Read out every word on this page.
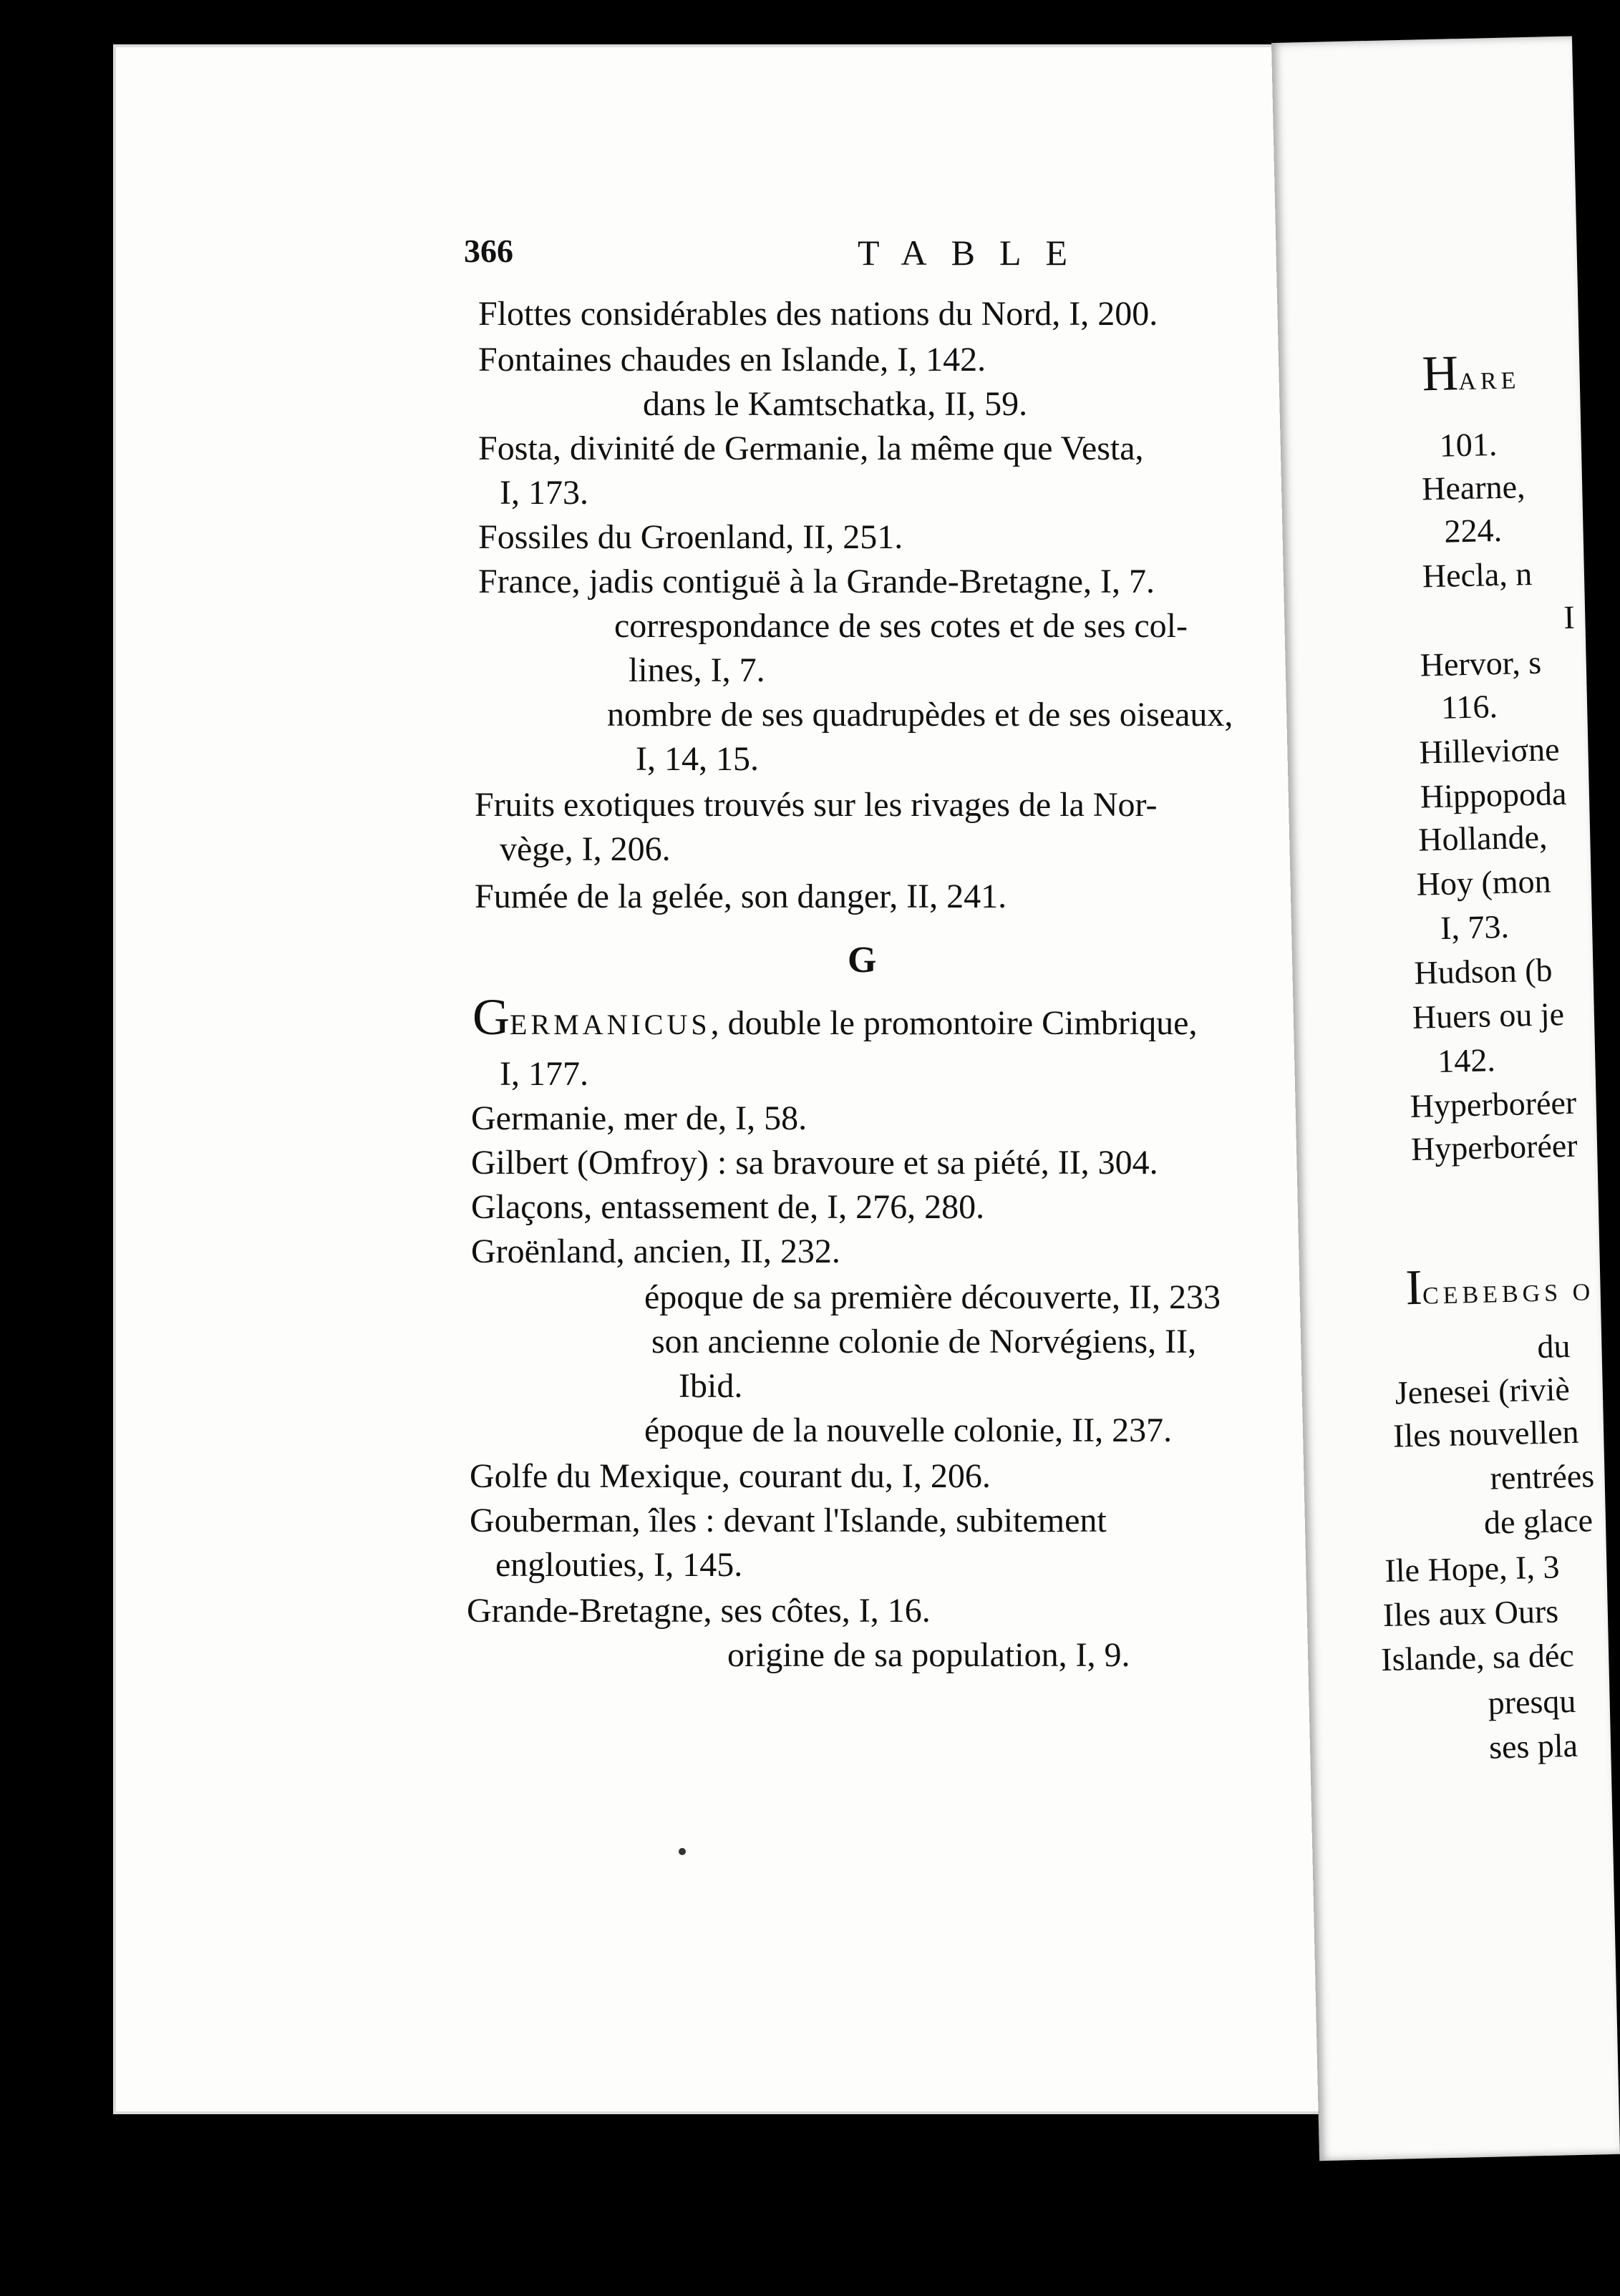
366	TABLE
Flottes considérables des nations du Nord, I, 200.
Fontaines chaudes en Islande, I, 142.
dans le Kamtschatka, II, 59.
Fosta, divinité de Germanie, la même que Vesta,
I, 173.
Fossiles du Groenland, II, 251.
France, jadis contiguë à la Grande-Bretagne, I, 7.
correspondance de ses cotes et de ses col-
lines, I, 7.
nombre de ses quadrupèdes et de ses oiseaux,
I, 14, 15.
Fruits exotiques trouvés sur les rivages de la Nor-
vège, I, 206.
Fumée de la gelée, son danger, II, 241.
G
GERMANICUS, double le promontoire Cimbrique,
I, 177.
Germanie, mer de, I, 58.
Gilbert (Omfroy) : sa bravoure et sa piété, II, 304.
Glaçons, entassement de, I, 276, 280.
Groënland, ancien, II, 232.
époque de sa première découverte, II, 233
son ancienne colonie de Norvégiens, II,
Ibid.
époque de la nouvelle colonie, II, 237.
Golfe du Mexique, courant du, I, 206.
Gouberman, îles : devant l'Islande, subitement
englouties, I, 145.
Grande-Bretagne, ses côtes, I, 16.
origine de sa population, I, 9.
HARE
101.
Hearne,
224.
Hecla, n
I
Hervor, s
116.
Hilleviσne
Hippopoda
Hollande,
Hoy (mon
I, 73.
Hudson (b
Huers ou je
142.
Hyperboréer
Hyperboréer
ICEBEBGS O
du
Jenesei (riviè
Iles nouvellen
rentrées
de glace
Ile Hope, I, 3
Iles aux Ours
Islande, sa déc
presqu
ses pla
